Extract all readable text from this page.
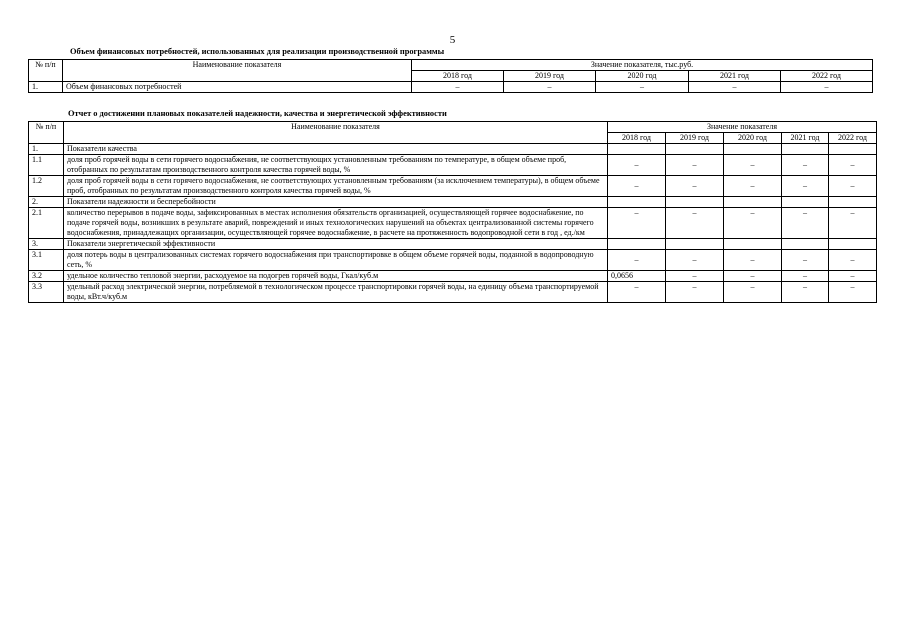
5
Объем финансовых потребностей, использованных для реализации производственной программы
№ п/п	Наименование показателя	Значение показателя, тыс.руб.				
		2018 год	2019 год	2020 год	2021 год	2022 год
1.	Объем финансовых потребностей	–	–	–	–	–
Отчет о достижении плановых показателей надежности, качества и энергетической эффективности
№ п/п	Наименование показателя	Значение показателя				
		2018 год	2019 год	2020 год	2021 год	2022 год
1.	Показатели качества					
1.1	доля проб горячей воды в сети горячего водоснабжения, не соответствующих установленным требованиям по температуре, в общем объеме проб, отобранных по результатам производственного контроля качества горячей воды, %	–	–	–	–	–
1.2	доля проб горячей воды в сети горячего водоснабжения, не соответствующих установленным требованиям (за исключением температуры), в общем объеме проб, отобранных по результатам производственного контроля качества горячей воды, %	–	–	–	–	–
2.	Показатели надежности и бесперебойности					
2.1	количество перерывов в подаче воды, зафиксированных в местах исполнения обязательств организацией, осуществляющей горячее водоснабжение, по подаче горячей воды, возникших в результате аварий, повреждений и иных технологических нарушений на объектах централизованной системы горячего водоснабжения, принадлежащих организации, осуществляющей горячее водоснабжение, в расчете на протяженность водопроводной сети в год , ед./км	–	–	–	–	–
3.	Показатели энергетической эффективности					
3.1	доля потерь воды в централизованных системах горячего водоснабжения при транспортировке в общем объеме горячей воды, поданной в водопроводную сеть, %	–	–	–	–	–
3.2	удельное количество тепловой энергии, расходуемое на подогрев горячей воды, Гкал/куб.м	0,0656	–	–	–	–
3.3	удельный расход электрической энергии, потребляемой в технологическом процессе транспортировки горячей воды, на единицу объема транспортируемой воды, кВт.ч/куб.м	–	–	–	–	–
